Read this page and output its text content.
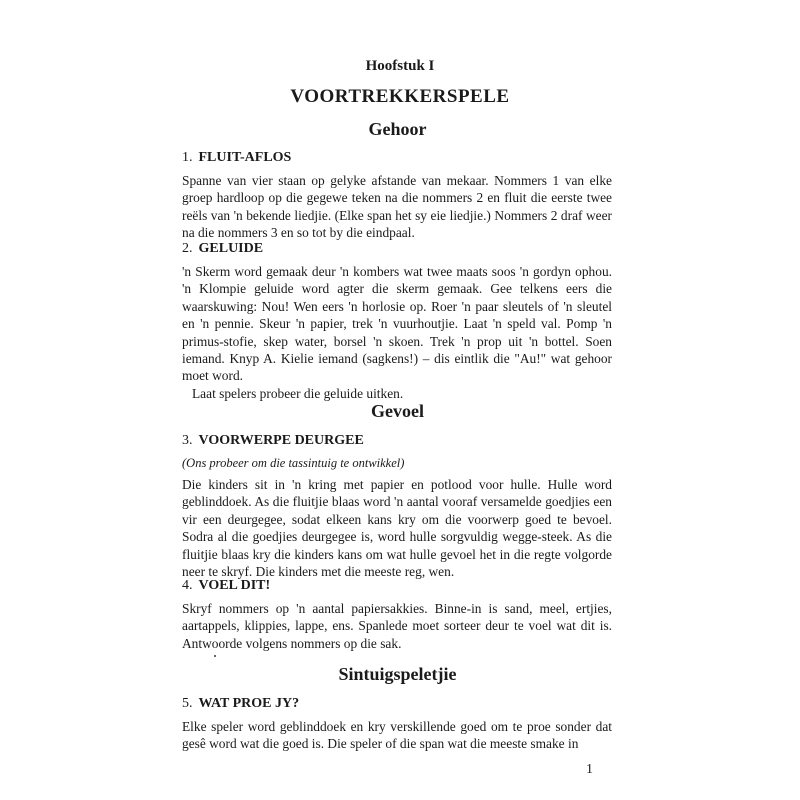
Hoofstuk I
VOORTREKKERSPELE
Gehoor
1. FLUIT-AFLOS

Spanne van vier staan op gelyke afstande van mekaar. Nommers 1 van elke groep hardloop op die gegewe teken na die nommers 2 en fluit die eerste twee reëls van 'n bekende liedjie. (Elke span het sy eie liedjie.) Nommers 2 draf weer na die nommers 3 en so tot by die eindpaal.

2. GELUIDE

'n Skerm word gemaak deur 'n kombers wat twee maats soos 'n gordyn ophou. 'n Klompie geluide word agter die skerm gemaak. Gee telkens eers die waarskuwing: Nou! Wen eers 'n horlosie op. Roer 'n paar sleutels of 'n sleutel en 'n pennie. Skeur 'n papier, trek 'n vuurhoutjie. Laat 'n speld val. Pomp 'n primus-stofie, skep water, borsel 'n skoen. Trek 'n prop uit 'n bottel. Soen iemand. Knyp A. Kielie iemand (sagkens!) – dis eintlik die "Au!" wat gehoor moet word.

Laat spelers probeer die geluide uitken.

Gevoel
3. VOORWERPE DEURGEE
(Ons probeer om die tassintuig te ontwikkel)

Die kinders sit in 'n kring met papier en potlood voor hulle. Hulle word geblinddoek. As die fluitjie blaas word 'n aantal vooraf versamelde goedjies een vir een deurgegee, sodat elkeen kans kry om die voorwerp goed te bevoel. Sodra al die goedjies deurgegee is, word hulle sorgvuldig wegge-steek. As die fluitjie blaas kry die kinders kans om wat hulle gevoel het in die regte volgorde neer te skryf. Die kinders met die meeste reg, wen.

4. VOEL DIT!

Skryf nommers op 'n aantal papiersakkies. Binne-in is sand, meel, ertjies, aartappels, klippies, lappe, ens. Spanlede moet sorteer deur te voel wat dit is. Antwoorde volgens nommers op die sak.

Sintuigspeletjie
5. WAT PROE JY?

Elke speler word geblinddoek en kry verskillende goed om te proe sonder dat gesê word wat die goed is. Die speler of die span wat die meeste smake in

1
